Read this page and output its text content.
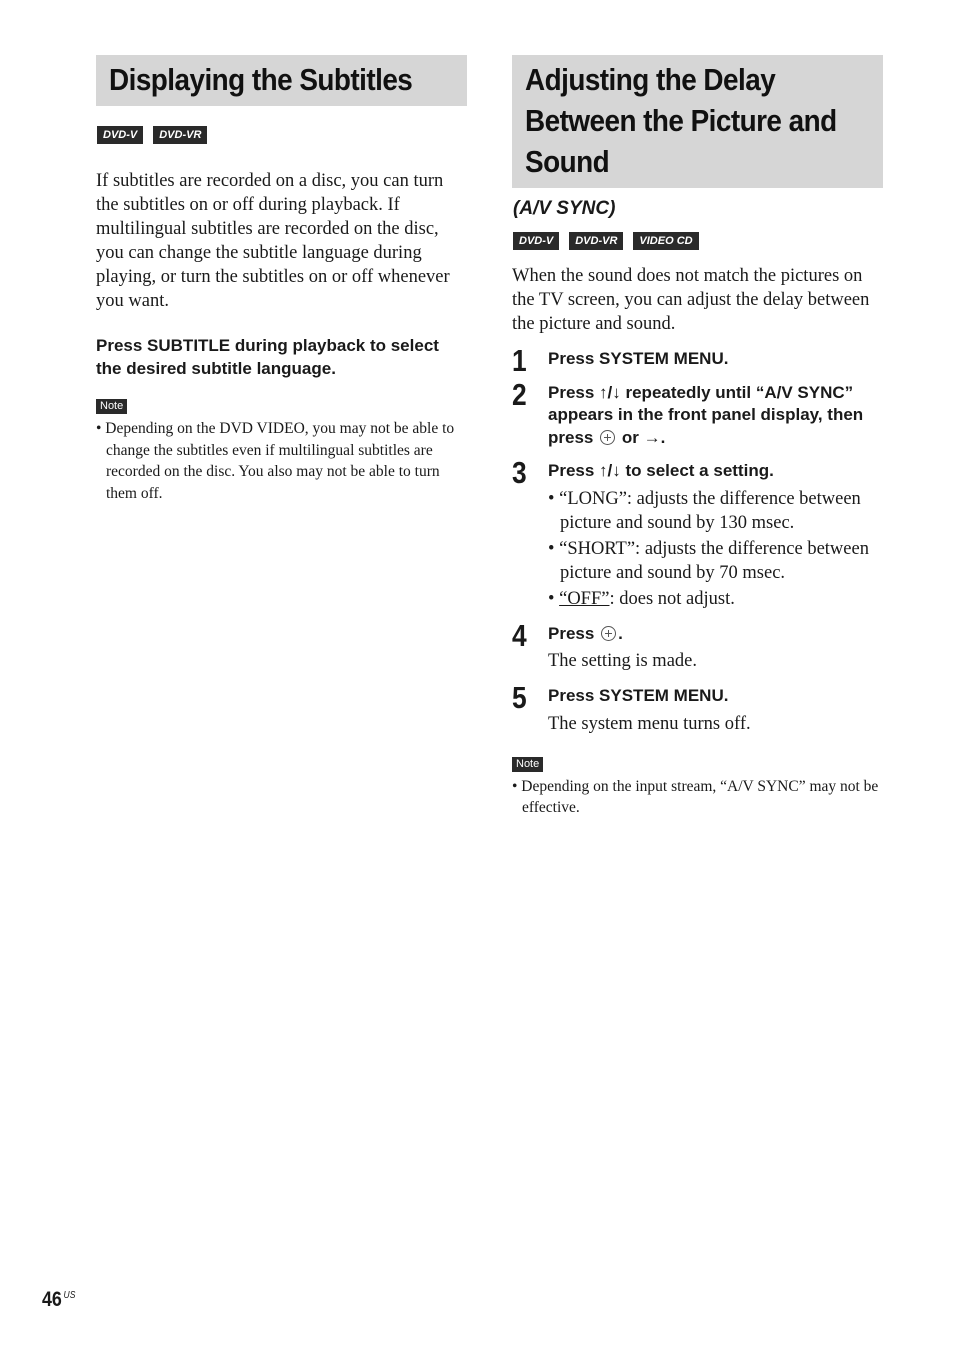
Displaying the Subtitles
DVD-V	DVD-VR

If subtitles are recorded on a disc, you can turn the subtitles on or off during playback. If multilingual subtitles are recorded on the disc, you can change the subtitle language during playing, or turn the subtitles on or off whenever you want.

Press SUBTITLE during playback to select the desired subtitle language.

Note

• Depending on the DVD VIDEO, you may not be able to change the subtitles even if multilingual subtitles are recorded on the disc. You also may not be able to turn them off.

Adjusting the Delay Between the Picture and Sound
(A/V SYNC)
DVD-V	DVD-VR	VIDEO CD

When the sound does not match the pictures on the TV screen, you can adjust the delay between the picture and sound.

1 Press SYSTEM MENU.

2 Press ↑/↓ repeatedly until “A/V SYNC” appears in the front panel display, then press or →.

3 Press ↑/↓ to select a setting.

• “LONG”: adjusts the difference between picture and sound by 130 msec.
• “SHORT”: adjusts the difference between picture and sound by 70 msec.
• “OFF”: does not adjust.
4 Press .

The setting is made.

5 Press SYSTEM MENU.

The system menu turns off.

Note

• Depending on the input stream, “A/V SYNC” may not be effective.

46 $^{US}$
